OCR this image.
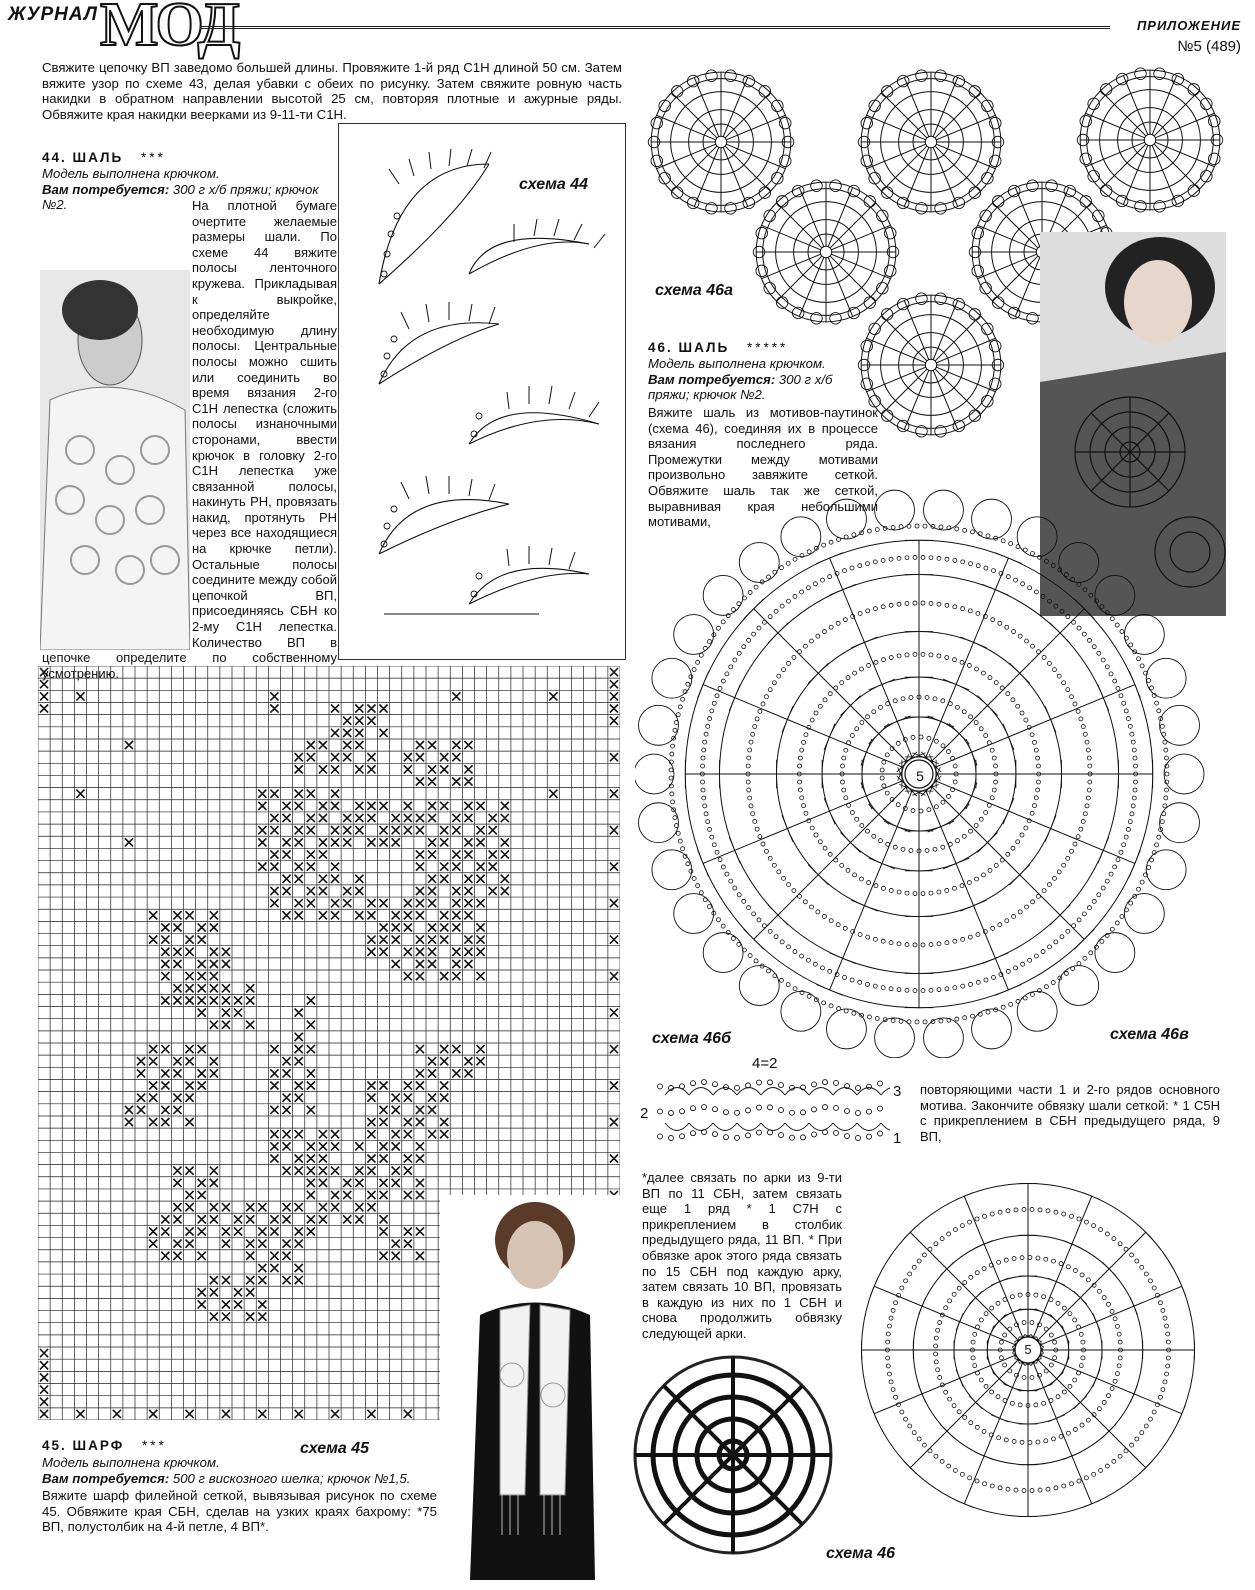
ЖУРНАЛ МОД	ПРИЛОЖЕНИЕ
№5 (489)
Свяжите цепочку ВП заведомо большей длины. Провяжите 1-й ряд С1Н длиной 50 см. Затем вяжите узор по схеме 43, делая убавки с обеих по рисунку. Затем свяжите ровную часть накидки в обратном направлении высотой 25 см, повторяя плотные и ажурные ряды. Обвяжите края накидки веерками из 9-11-ти С1Н.
44. ШАЛЬ ***
Модель выполнена крючком.
Вам потребуется: 300 г х/б пряжи; крючок №2.	На плотной бумаге очертите желаемые размеры шали. По схеме 44 вяжите полосы ленточного кружева. Прикладывая к выкройке, определяйте необходимую длину полосы. Центральные полосы можно сшить или соединить во время вязания 2-го С1Н лепестка (сложить полосы изнаночными сторонами, ввести крючок в головку 2-го С1Н лепестка уже связанной полосы, накинуть РН, провязать накид, протянуть РН через все находящиеся на крючке петли). Остальные полосы соедините между собой цепочкой ВП, присоединяясь СБН ко 2-му С1Н лепестка. Количество ВП в цепочке определите по собственному усмотрению.
схема 44
45. ШАРФ ***	схема 45
Модель выполнена крючком.
Вам потребуется: 500 г вискозного шелка; крючок №1,5.
Вяжите шарф филейной сеткой, вывязывая рисунок по схеме 45. Обвяжите края СБН, сделав на узких краях бахрому: *75 ВП, полустолбик на 4-й петле, 4 ВП*.
схема 46а
46. ШАЛЬ *****
Модель выполнена крючком.
Вам потребуется: 300 г х/б пряжи; крючок №2.
Вяжите шаль из мотивов-паутинок (схема 46), соединяя их в процессе вязания последнего ряда. Промежутки между мотивами произвольно завяжите сеткой. Обвяжите шаль так же сеткой, выравнивая края небольшими мотивами,
5
схема 46б	схема 46в
4=2
2
3
1
повторяющими части 1 и 2-го рядов основного мотива. Закончите обвязку шали сеткой: * 1 С5Н с прикреплением в СБН предыдущего ряда, 9 ВП,
*далее связать по арки из 9-ти ВП по 11 СБН, затем связать еще 1 ряд * 1 С7Н с прикреплением в столбик предыдущего ряда, 11 ВП. * При обвязке арок этого ряда связать по 15 СБН под каждую арку, затем связать 10 ВП, провязать в каждую из них по 1 СБН и снова продолжить обвязку следующей арки.
5
схема 46
